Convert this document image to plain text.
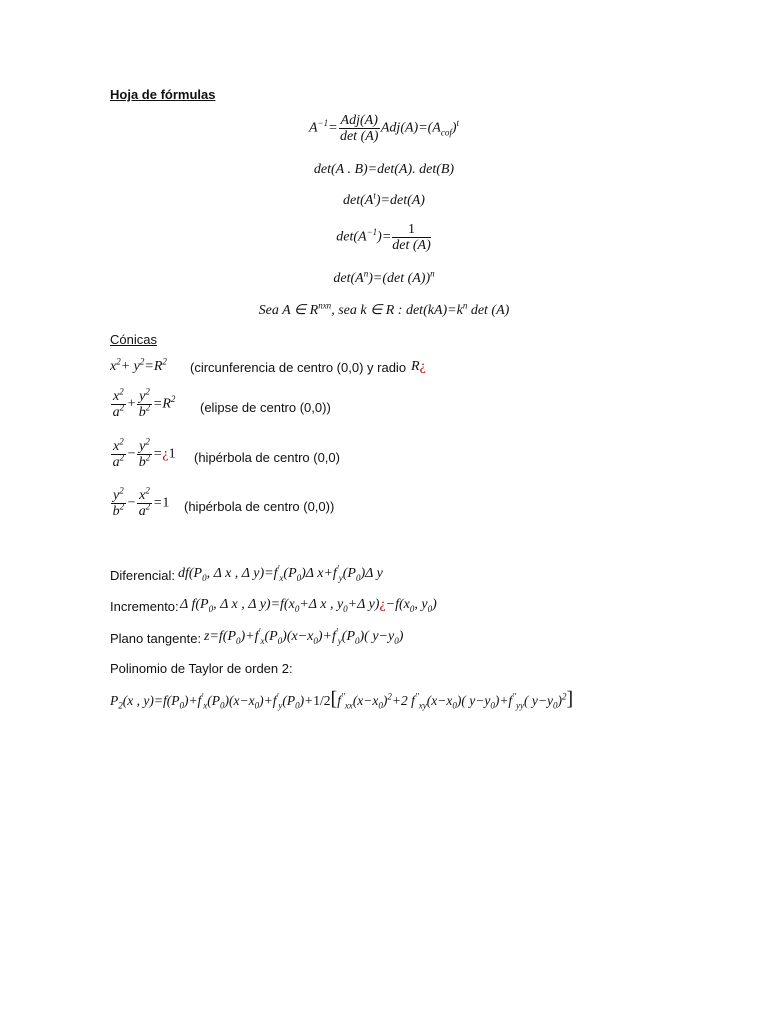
Hoja de fórmulas
$A^{-1}= \frac{\text{Adj(A)}}{\det (A)} Adj(A)=(A_{cof})^t$
det(A . B)=det(A). det(B)
$\det(A^t)=\det(A)$
$\det(A^{-1})= \frac{1}{\det (A)}$
$\det(A^n)=(\det$ (A))$^n$
Sea A ∈ $R^{nxn}$, sea k ∈ R : $\det(kA)=k^n$ det (A)
Cónicas
$x^2+ y^2=R^2$ (circunferencia de centro (0,0) y radio R¿
$\frac{x^2}{a^2} + \frac{y^2}{b^2} =R^2$
(elipse de centro (0,0))
$\frac{x^2}{a^2} - \frac{y^2}{b^2}$ =¿1 (hipérbola de centro (0,0)
$\frac{y^2}{b^2} - \frac{x^2}{a^2} =1$ (hipérbola de centro (0,0))
Diferencial: $df(P_0$, Δ x , Δ $y)=f'_x(P_0)\Delta$ $x+f'_y(P_0)\Delta$ y
Incremento: Δ $f(P_0$, Δ x , Δ $y)=f(x_0+\Delta$ x , $y_0+\Delta$ $y)¿-f(x_0$, $y_0$)
Plano tangente: $z=f(P_0)+f'_x(P_0)(x-x_0)+f'_y(P_0)$( $y-y_0$)
Polinomio de Taylor de orden 2:
$P_2(x$ , $y)=f(P_0)+f'_x(P_0)(x-x_0)+f'_y(P_0)+1/2[f''_{xx}(x-x_0)^2+2$ $f''_{xy}(x-x_0)$( $y-y_0)+f''_{yy}$( $y-y_0)^2$]
